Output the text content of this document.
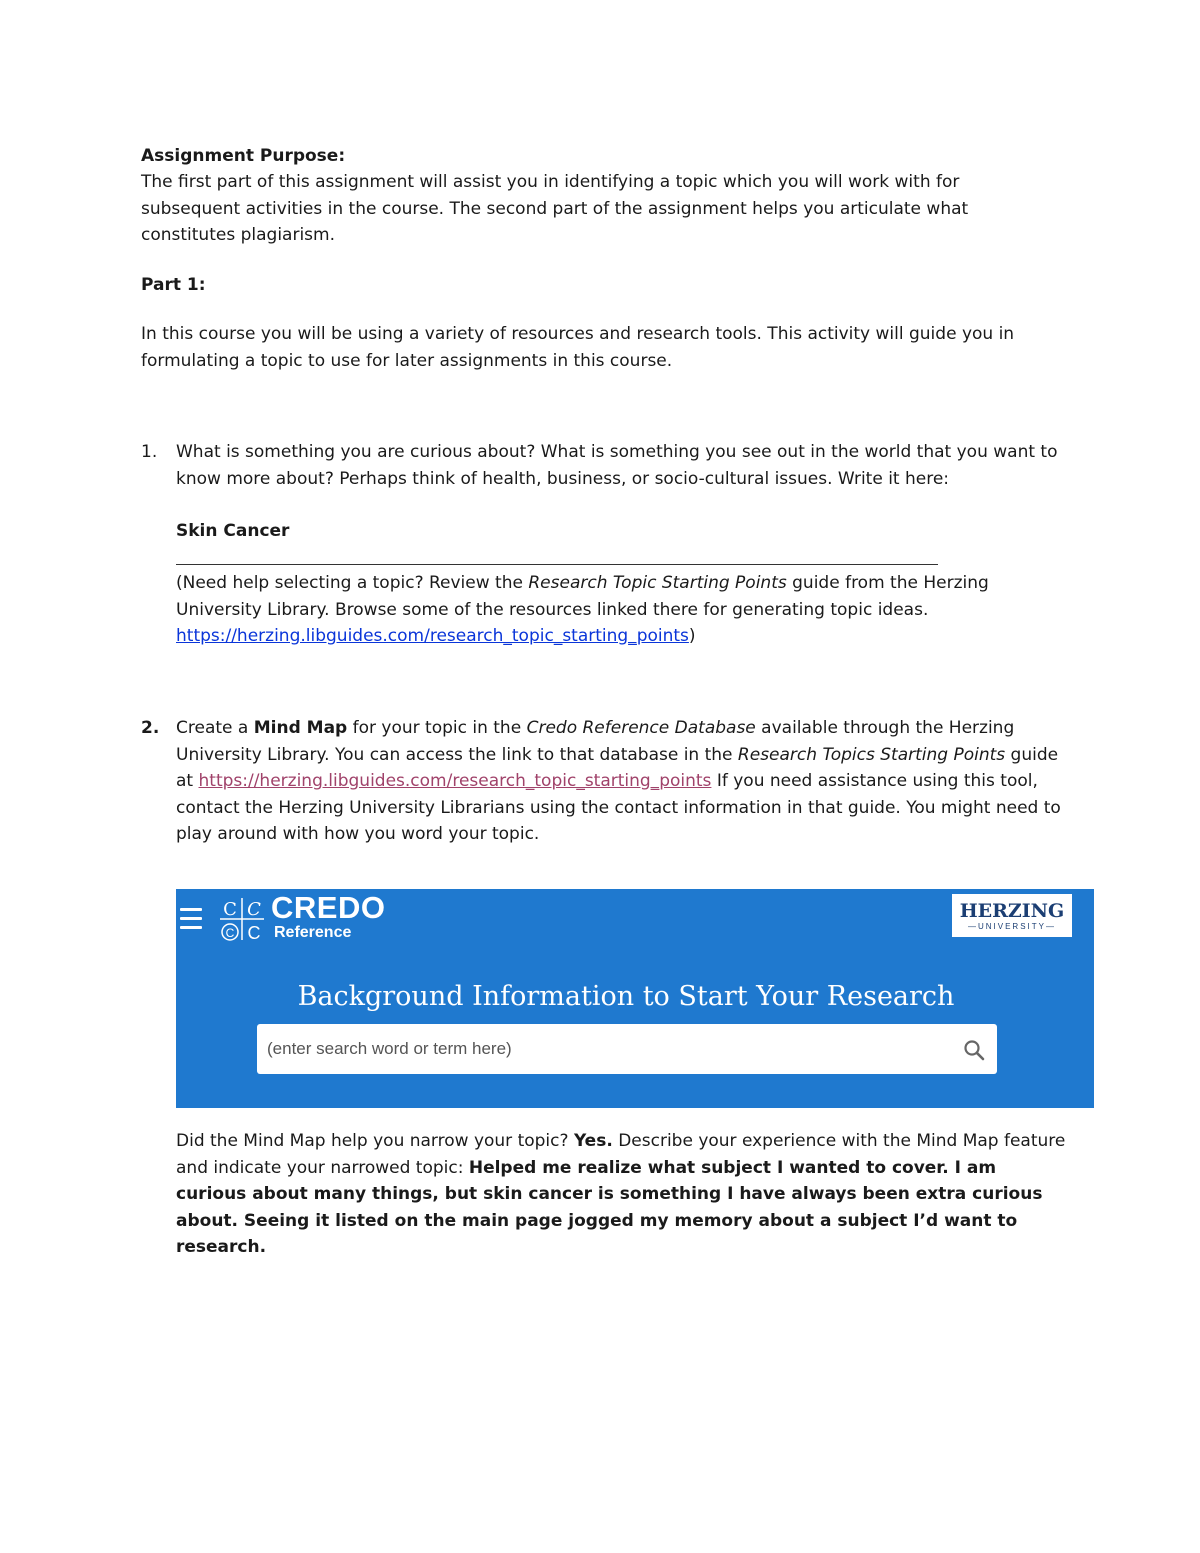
Assignment Purpose:

The first part of this assignment will assist you in identifying a topic which you will work with for subsequent activities in the course. The second part of the assignment helps you articulate what constitutes plagiarism.

Part 1:

In this course you will be using a variety of resources and research tools. This activity will guide you in formulating a topic to use for later assignments in this course.

1. What is something you are curious about? What is something you see out in the world that you want to know more about? Perhaps think of health, business, or socio-cultural issues. Write it here:

Skin Cancer

(Need help selecting a topic? Review the Research Topic Starting Points guide from the Herzing University Library. Browse some of the resources linked there for generating topic ideas. https://herzing.libguides.com/research_topic_starting_points)

2. Create a Mind Map for your topic in the Credo Reference Database available through the Herzing University Library. You can access the link to that database in the Research Topics Starting Points guide at https://herzing.libguides.com/research_topic_starting_points If you need assistance using this tool, contact the Herzing University Librarians using the contact information in that guide. You might need to play around with how you word your topic.

C C
C C
CREDO
Reference
HERZING
—UNIVERSITY—
Background Information to Start Your Research
(enter search word or term here)

Did the Mind Map help you narrow your topic? Yes. Describe your experience with the Mind Map feature and indicate your narrowed topic: Helped me realize what subject I wanted to cover. I am curious about many things, but skin cancer is something I have always been extra curious about. Seeing it listed on the main page jogged my memory about a subject I’d want to research.
